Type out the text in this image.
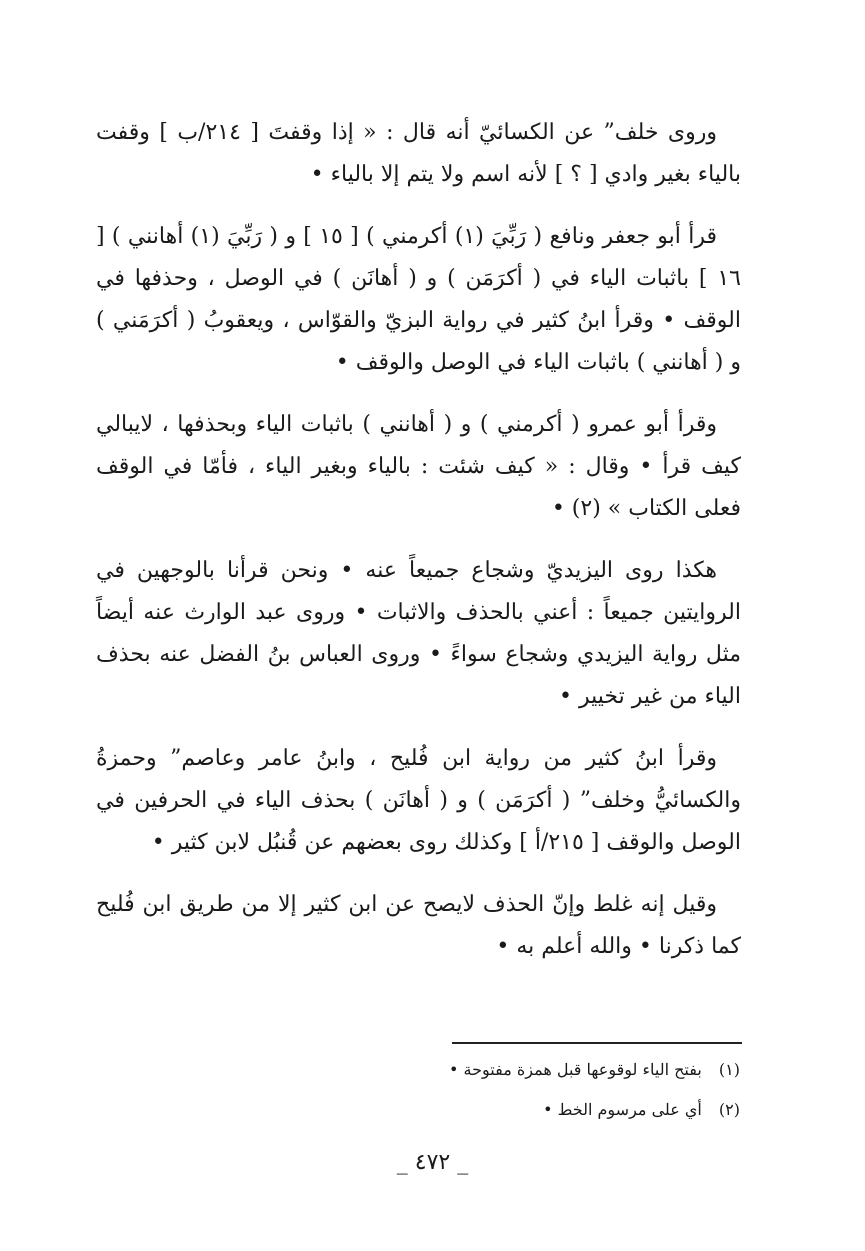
وروى خلف” عن الكسائيّ أنه قال : « إذا وقفتَ [ ٢١٤/ب ] وقفت بالياء بغير وادي [ ؟ ] لأنه اسم ولا يتم إلا بالياء •

قرأ أبو جعفر ونافع ( رَبِّيَ (١) أكرمني ) [ ١٥ ] و ( رَبِّيَ (١) أهانني ) [ ١٦ ] باثبات الياء في ( أكرَمَن ) و ( أهانَن ) في الوصل ، وحذفها في الوقف • وقرأ ابنُ كثير في رواية البزيّ والقوّاس ، ويعقوبُ ( أكرَمَني ) و ( أهانني ) باثبات الياء في الوصل والوقف •

وقرأ أبو عمرو ( أكرمني ) و ( أهانني ) باثبات الياء وبحذفها ، لايبالي كيف قرأ • وقال : « كيف شئت : بالياء وبغير الياء ، فأمّا في الوقف فعلى الكتاب » (٢) •

هكذا روى اليزيديّ وشجاع جميعاً عنه • ونحن قرأنا بالوجهين في الروايتين جميعاً : أعني بالحذف والاثبات • وروى عبد الوارث عنه أيضاً مثل رواية اليزيدي وشجاع سواءً • وروى العباس بنُ الفضل عنه بحذف الياء من غير تخيير •

وقرأ ابنُ كثير من رواية ابن فُليح ، وابنُ عامر وعاصم” وحمزةُ والكسائيُّ وخلف” ( أكرَمَن ) و ( أهانَن ) بحذف الياء في الحرفين في الوصل والوقف [ ٢١٥/أ ] وكذلك روى بعضهم عن قُنبُل لابن كثير •

وقيل إنه غلط وإنّ الحذف لايصح عن ابن كثير إلا من طريق ابن فُليح كما ذكرنا • والله أعلم به •

(١) بفتح الياء لوقوعها قبل همزة مفتوحة •

(٢) أي على مرسوم الخط •

_ ٤٧٢ _
